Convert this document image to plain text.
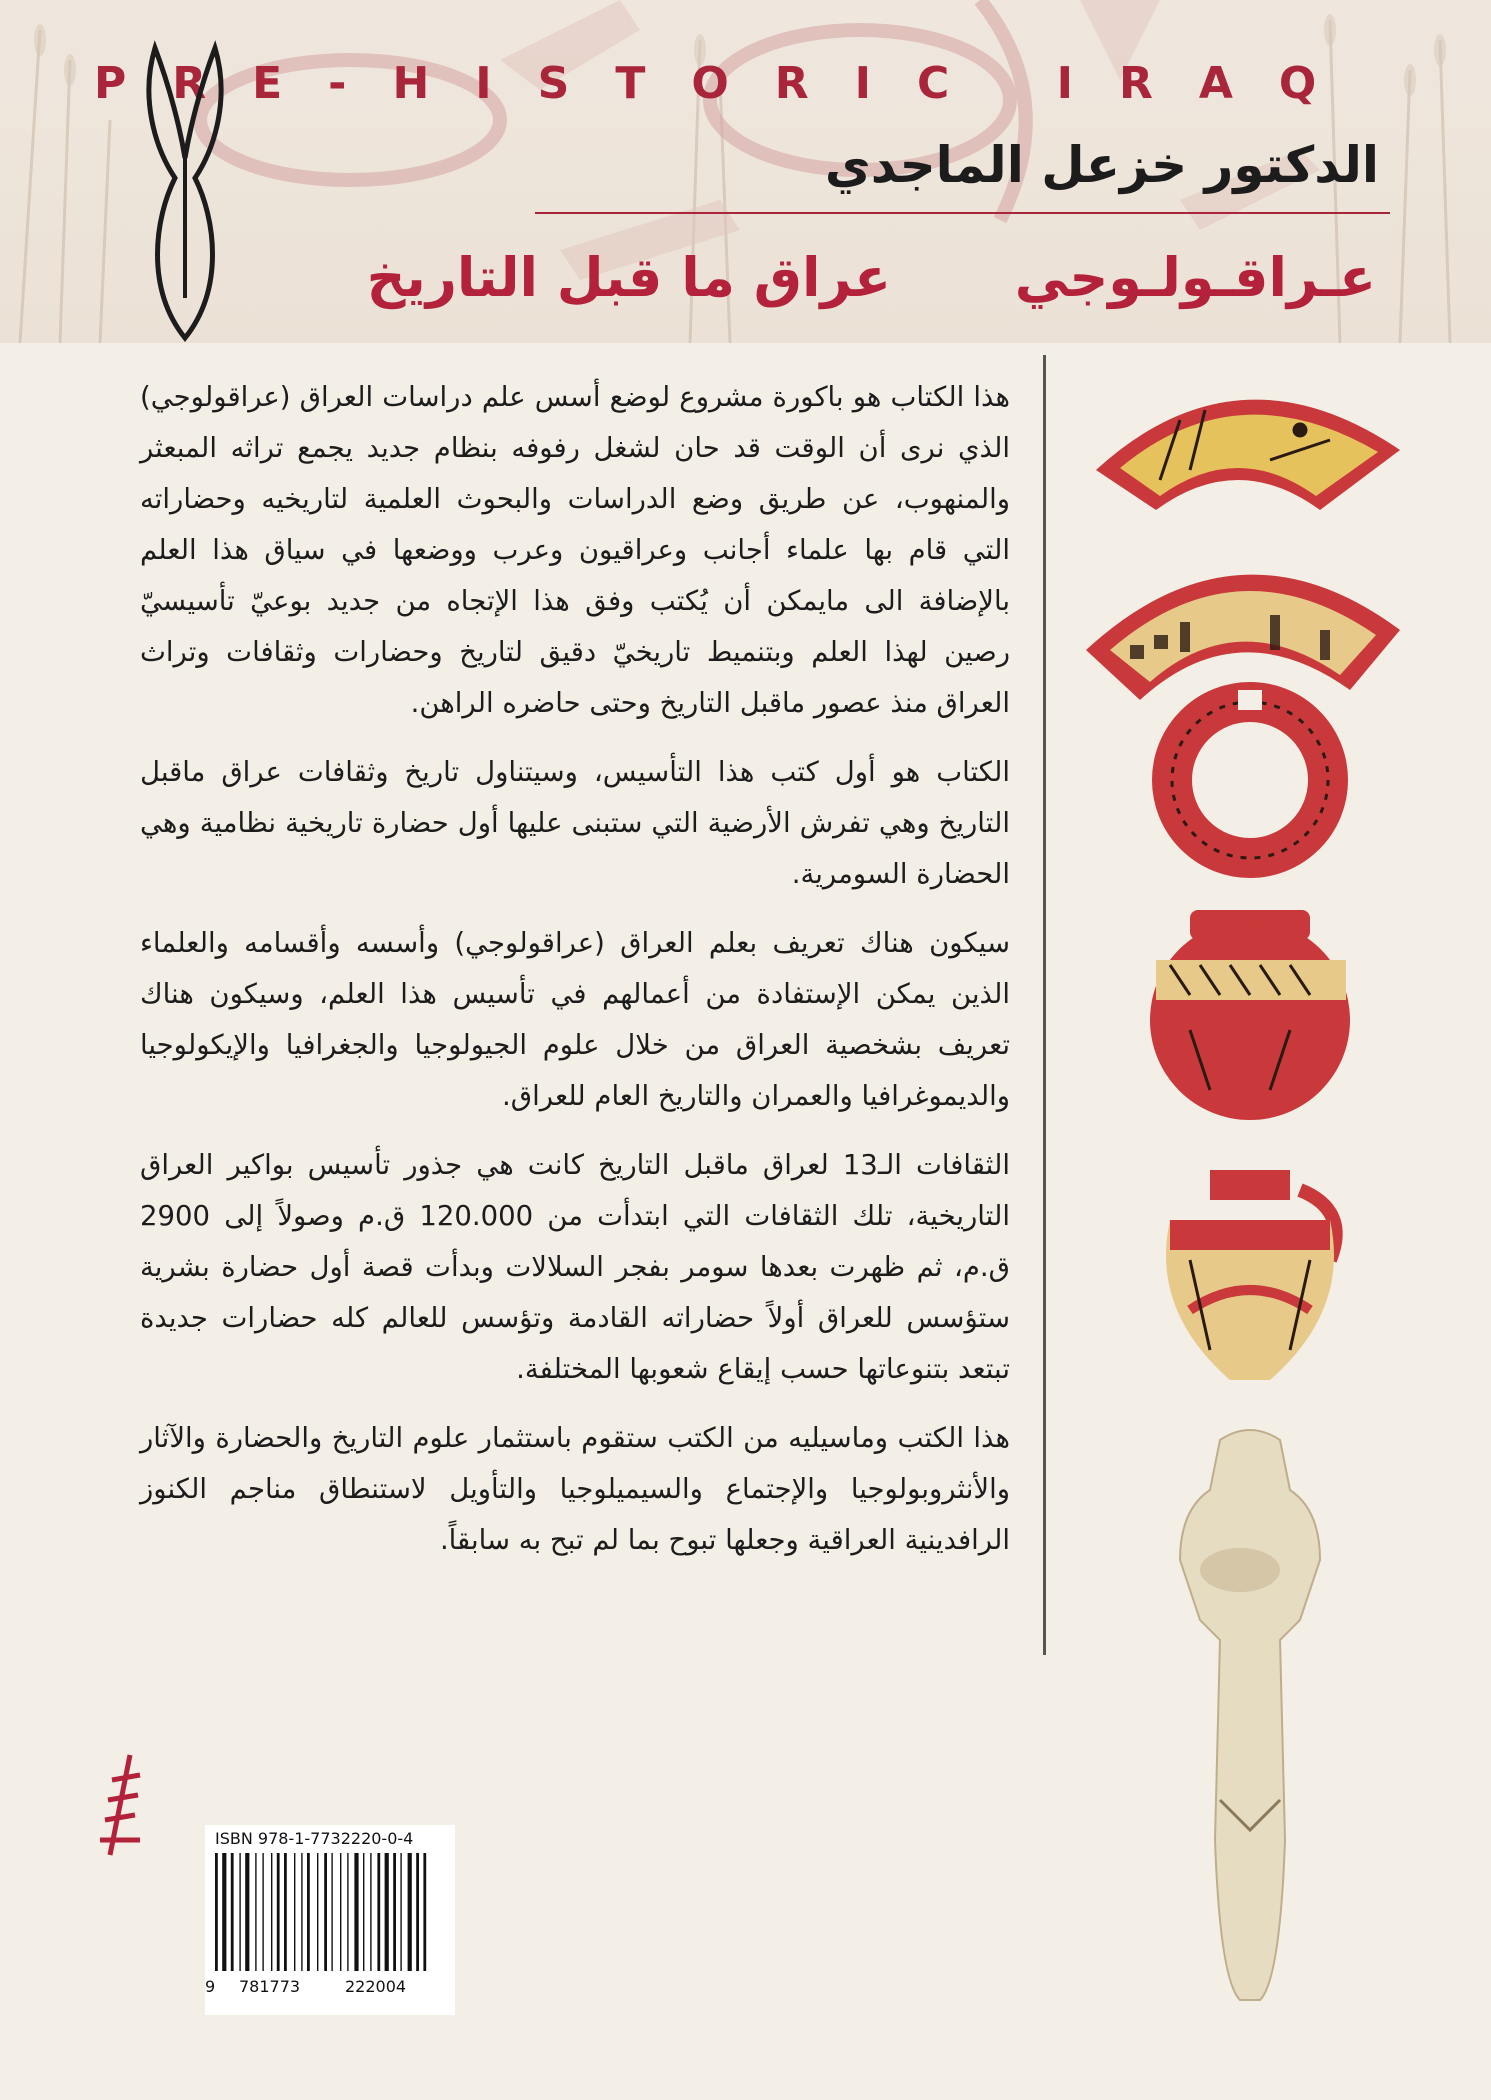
PRE-HISTORIC IRAQ
الدكتور خزعل الماجدي
عـراقـولـوجي
عراق ما قبل التاريخ

هذا الكتاب هو باكورة مشروع لوضع أسس علم دراسات العراق (عراقولوجي) الذي نرى أن الوقت قد حان لشغل رفوفه بنظام جديد يجمع تراثه المبعثر والمنهوب، عن طريق وضع الدراسات والبحوث العلمية لتاريخيه وحضاراته التي قام بها علماء أجانب وعراقيون وعرب ووضعها في سياق هذا العلم بالإضافة الى مايمكن أن يُكتب وفق هذا الإتجاه من جديد بوعيّ تأسيسيّ رصين لهذا العلم وبتنميط تاريخيّ دقيق لتاريخ وحضارات وثقافات وتراث العراق منذ عصور ماقبل التاريخ وحتى حاضره الراهن.

الكتاب هو أول كتب هذا التأسيس، وسيتناول تاريخ وثقافات عراق ماقبل التاريخ وهي تفرش الأرضية التي ستبنى عليها أول حضارة تاريخية نظامية وهي الحضارة السومرية.

سيكون هناك تعريف بعلم العراق (عراقولوجي) وأسسه وأقسامه والعلماء الذين يمكن الإستفادة من أعمالهم في تأسيس هذا العلم، وسيكون هناك تعريف بشخصية العراق من خلال علوم الجيولوجيا والجغرافيا والإيكولوجيا والديموغرافيا والعمران والتاريخ العام للعراق.

الثقافات الـ13 لعراق ماقبل التاريخ كانت هي جذور تأسيس بواكير العراق التاريخية، تلك الثقافات التي ابتدأت من 120.000 ق.م وصولاً إلى 2900 ق.م، ثم ظهرت بعدها سومر بفجر السلالات وبدأت قصة أول حضارة بشرية ستؤسس للعراق أولاً حضاراته القادمة وتؤسس للعالم كله حضارات جديدة تبتعد بتنوعاتها حسب إيقاع شعوبها المختلفة.

هذا الكتب وماسيليه من الكتب ستقوم باستثمار علوم التاريخ والحضارة والآثار والأنثروبولوجيا والإجتماع والسيميلوجيا والتأويل لاستنطاق مناجم الكنوز الرافدينية العراقية وجعلها تبوح بما لم تبح به سابقاً.

ISBN 978-1-7732220-0-4
9 781773	222004
